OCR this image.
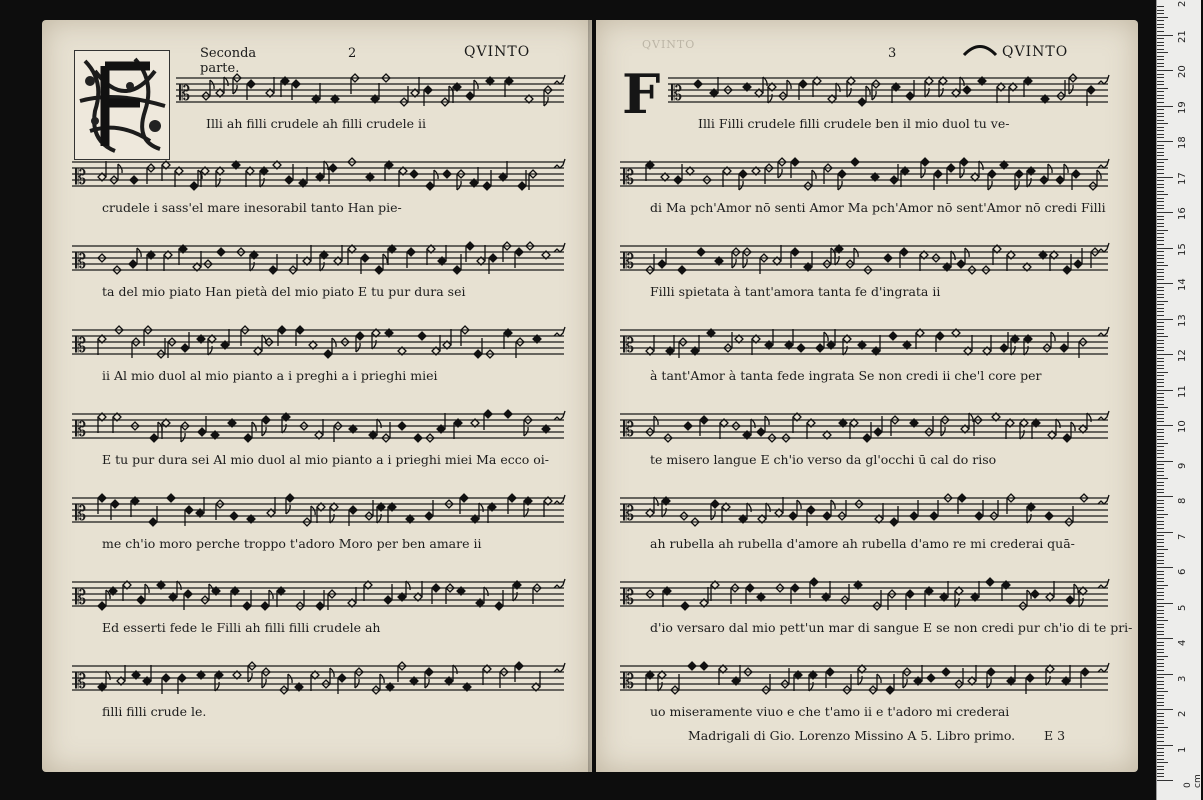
Seconda parte.
2	QVINTO
𝄡
Illi ah filli crudele ah filli crudele ii
𝄡
crudele i sass'el mare inesorabil tanto Han pie-
𝄡
ta del mio piato Han pietà del mio piato E tu pur dura sei
𝄡
ii Al mio duol al mio pianto a i preghi a i prieghi miei
𝄡
E tu pur dura sei Al mio duol al mio pianto a i prieghi miei Ma ecco oi-
𝄡
me ch'io moro perche troppo t'adoro Moro per ben amare ii
𝄡
Ed esserti fede le Filli ah filli filli crudele ah
𝄡
filli filli crude le.
QVINTO
3	QVINTO
F 𝄡
Illi Filli crudele filli crudele ben il mio duol tu ve-
𝄡
di Ma pch'Amor nō senti Amor Ma pch'Amor nō sent'Amor nō credi Filli
𝄡
Filli spietata à tant'amora tanta fe d'ingrata ii
𝄡
à tant'Amor à tanta fede ingrata Se non credi ii che'l core per
𝄡
te misero langue E ch'io verso da gl'occhi ū cal do riso
𝄡
ah rubella ah rubella d'amore ah rubella d'amo re mi crederai quā-
𝄡
d'io versaro dal mio pett'un mar di sangue E se non credi pur ch'io di te pri-
𝄡
uo miseramente viuo e che t'amo ii e t'adoro mi crederai
Madrigali di Gio. Lorenzo Missino A 5. Libro primo. E 3
0 cm
1
2
3
4
5
6
7
8
9
10
11
12
13
14
15
16
17
18
19
20
21
2
